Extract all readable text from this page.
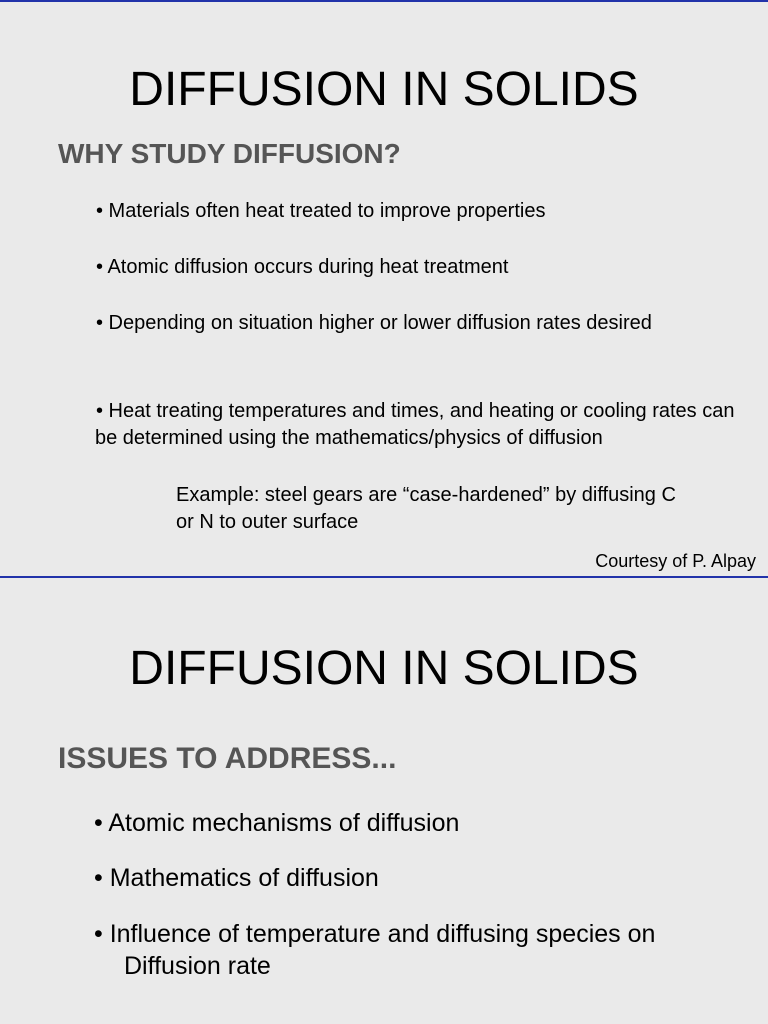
DIFFUSION IN SOLIDS
WHY STUDY DIFFUSION?

• Materials often heat treated to improve properties

• Atomic diffusion occurs during heat treatment

• Depending on situation higher or lower diffusion rates desired

• Heat treating temperatures and times, and heating or cooling rates can be determined using the mathematics/physics of diffusion

Example: steel gears are “case-hardened” by diffusing C or N to outer surface

Courtesy of P. Alpay

DIFFUSION IN SOLIDS
ISSUES TO ADDRESS...

• Atomic mechanisms of diffusion

• Mathematics of diffusion

• Influence of temperature and diffusing species on

Diffusion rate
